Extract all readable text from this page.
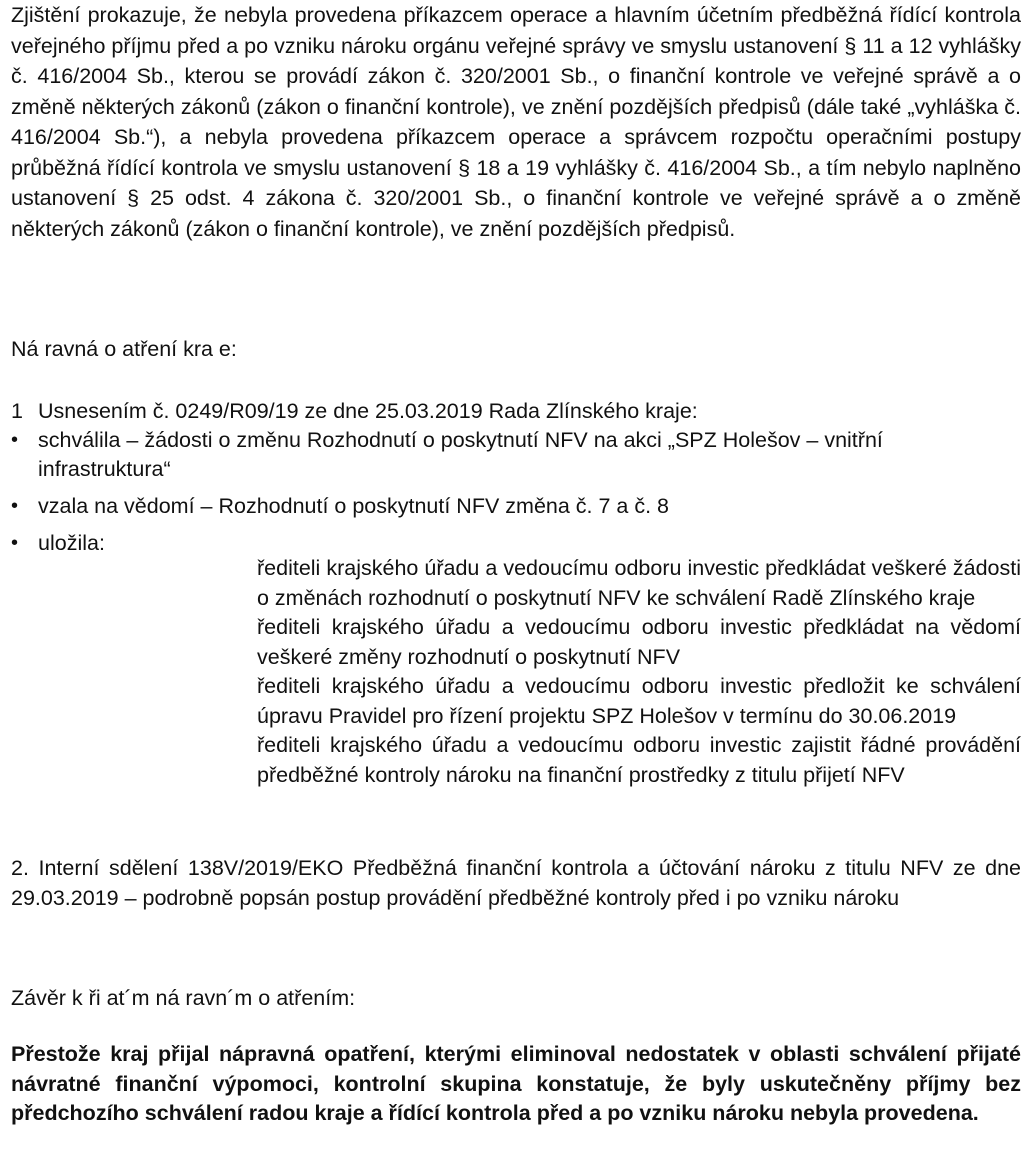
Zjištění prokazuje, že nebyla provedena příkazcem operace a hlavním účetním předběžná řídící kontrola veřejného příjmu před a po vzniku nároku orgánu veřejné správy ve smyslu ustanovení § 11 a 12 vyhlášky č. 416/2004 Sb., kterou se provádí zákon č. 320/2001 Sb., o finanční kontrole ve veřejné správě a o změně některých zákonů (zákon o finanční kontrole), ve znění pozdějších předpisů (dále také „vyhláška č. 416/2004 Sb.“), a nebyla provedena příkazcem operace a správcem rozpočtu operačními postupy průběžná řídící kontrola ve smyslu ustanovení § 18 a 19 vyhlášky č. 416/2004 Sb., a tím nebylo naplněno ustanovení § 25 odst. 4 zákona č. 320/2001 Sb., o finanční kontrole ve veřejné správě a o změně některých zákonů (zákon o finanční kontrole), ve znění pozdějších předpisů.

Ná ravná o atření kra e:

1 Usnesením č. 0249/R09/19 ze dne 25.03.2019 Rada Zlínského kraje:

• schválila – žádosti o změnu Rozhodnutí o poskytnutí NFV na akci „SPZ Holešov – vnitřní infrastruktura“
• vzala na vědomí – Rozhodnutí o poskytnutí NFV změna č. 7 a č. 8
• uložila:
řediteli krajského úřadu a vedoucímu odboru investic předkládat veškeré žádosti o změnách rozhodnutí o poskytnutí NFV ke schválení Radě Zlínského kraje
řediteli krajského úřadu a vedoucímu odboru investic předkládat na vědomí veškeré změny rozhodnutí o poskytnutí NFV
řediteli krajského úřadu a vedoucímu odboru investic předložit ke schválení úpravu Pravidel pro řízení projektu SPZ Holešov v termínu do 30.06.2019
řediteli krajského úřadu a vedoucímu odboru investic zajistit řádné provádění předběžné kontroly nároku na finanční prostředky z titulu přijetí NFV

2. Interní sdělení 138V/2019/EKO Předběžná finanční kontrola a účtování nároku z titulu NFV ze dne 29.03.2019 – podrobně popsán postup provádění předběžné kontroly před i po vzniku nároku

Závěr k ři at´m ná ravn´m o atřením:

Přestože kraj přijal nápravná opatření, kterými eliminoval nedostatek v oblasti schválení přijaté návratné finanční výpomoci, kontrolní skupina konstatuje, že byly uskutečněny příjmy bez předchozího schválení radou kraje a řídící kontrola před a po vzniku nároku nebyla provedena.
